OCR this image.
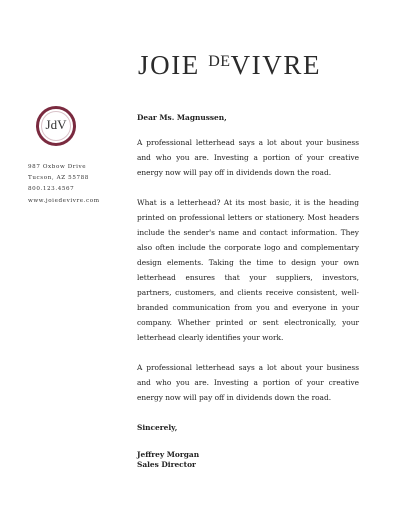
JOIE $^{DE}$VIVRE
JdV
987 Oxbow Drive
Tucson, AZ 55788
800.123.4567
www.joiedevivre.com

Dear Ms. Magnussen,

A professional letterhead says a lot about your business and who you are. Investing a portion of your creative energy now will pay off in dividends down the road.

What is a letterhead? At its most basic, it is the heading printed on professional letters or stationery. Most headers include the sender's name and contact information. They also often include the corporate logo and complementary design elements. Taking the time to design your own letterhead ensures that your suppliers, investors, partners, customers, and clients receive consistent, well-branded communication from you and everyone in your company. Whether printed or sent electronically, your letterhead clearly identifies your work.

A professional letterhead says a lot about your business and who you are. Investing a portion of your creative energy now will pay off in dividends down the road.

Sincerely,

Jeffrey Morgan

Sales Director
